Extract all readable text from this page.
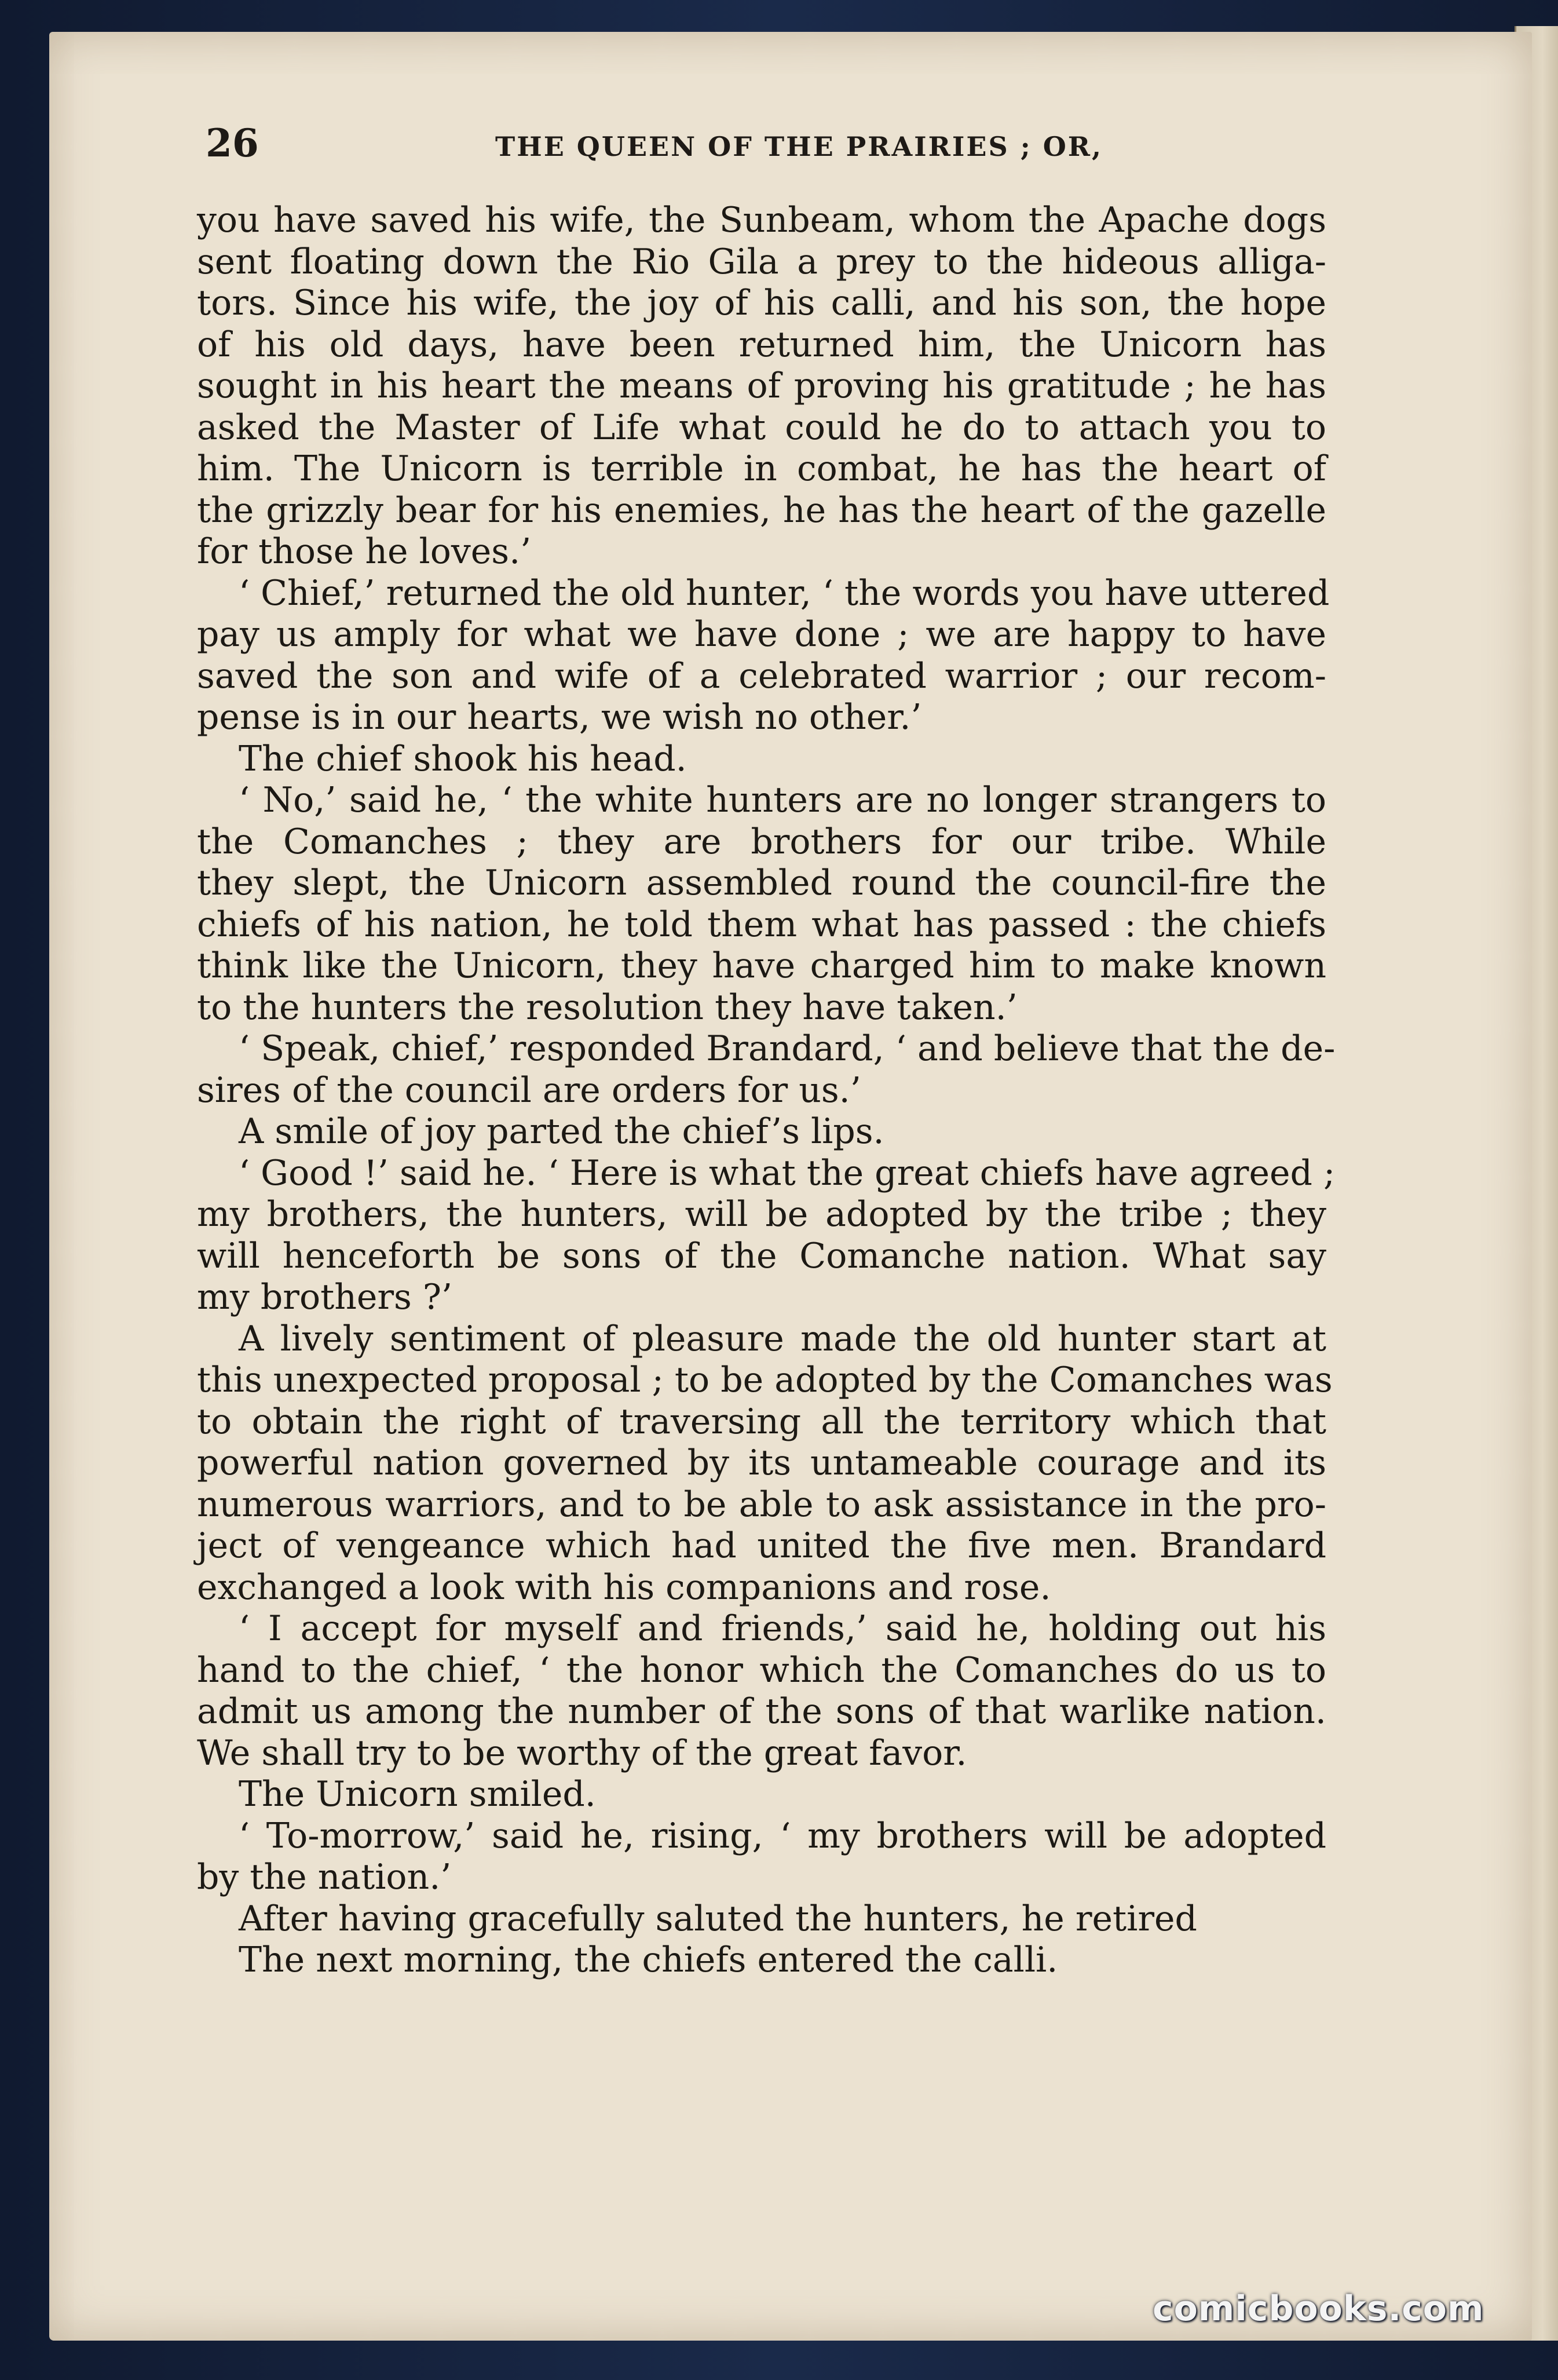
26	THE QUEEN OF THE PRAIRIES ; OR,
you have saved his wife, the Sunbeam, whom the Apache dogs
sent floating down the Rio Gila a prey to the hideous alliga-
tors. Since his wife, the joy of his calli, and his son, the hope
of his old days, have been returned him, the Unicorn has
sought in his heart the means of proving his gratitude ; he has
asked the Master of Life what could he do to attach you to
him. The Unicorn is terrible in combat, he has the heart of
the grizzly bear for his enemies, he has the heart of the gazelle
for those he loves.’
‘ Chief,’ returned the old hunter, ‘ the words you have uttered
pay us amply for what we have done ; we are happy to have
saved the son and wife of a celebrated warrior ; our recom-
pense is in our hearts, we wish no other.’
The chief shook his head.
‘ No,’ said he, ‘ the white hunters are no longer strangers to
the Comanches ; they are brothers for our tribe. While
they slept, the Unicorn assembled round the council-fire the
chiefs of his nation, he told them what has passed : the chiefs
think like the Unicorn, they have charged him to make known
to the hunters the resolution they have taken.’
‘ Speak, chief,’ responded Brandard, ‘ and believe that the de-
sires of the council are orders for us.’
A smile of joy parted the chief’s lips.
‘ Good !’ said he. ‘ Here is what the great chiefs have agreed ;
my brothers, the hunters, will be adopted by the tribe ; they
will henceforth be sons of the Comanche nation. What say
my brothers ?’
A lively sentiment of pleasure made the old hunter start at
this unexpected proposal ; to be adopted by the Comanches was
to obtain the right of traversing all the territory which that
powerful nation governed by its untameable courage and its
numerous warriors, and to be able to ask assistance in the pro-
ject of vengeance which had united the five men. Brandard
exchanged a look with his companions and rose.
‘ I accept for myself and friends,’ said he, holding out his
hand to the chief, ‘ the honor which the Comanches do us to
admit us among the number of the sons of that warlike nation.
We shall try to be worthy of the great favor.
The Unicorn smiled.
‘ To-morrow,’ said he, rising, ‘ my brothers will be adopted
by the nation.’
After having gracefully saluted the hunters, he retired
The next morning, the chiefs entered the calli.
comicbooks.com
